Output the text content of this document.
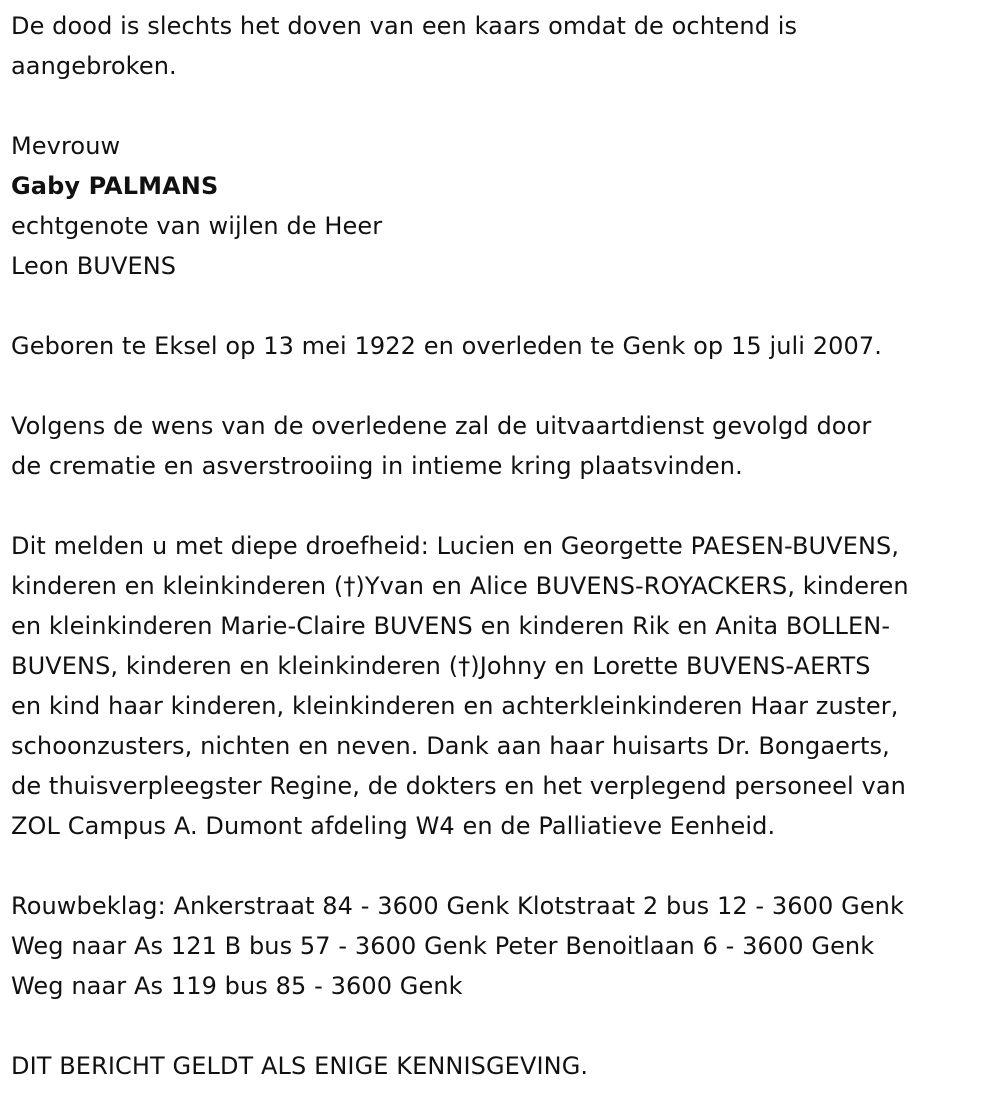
De dood is slechts het doven van een kaars omdat de ochtend is
aangebroken.
Mevrouw
Gaby PALMANS
echtgenote van wijlen de Heer
Leon BUVENS
Geboren te Eksel op 13 mei 1922 en overleden te Genk op 15 juli 2007.
Volgens de wens van de overledene zal de uitvaartdienst gevolgd door
de crematie en asverstrooiing in intieme kring plaatsvinden.
Dit melden u met diepe droefheid: Lucien en Georgette PAESEN-BUVENS,
kinderen en kleinkinderen (†)Yvan en Alice BUVENS-ROYACKERS, kinderen
en kleinkinderen Marie-Claire BUVENS en kinderen Rik en Anita BOLLEN-
BUVENS, kinderen en kleinkinderen (†)Johny en Lorette BUVENS-AERTS
en kind haar kinderen, kleinkinderen en achterkleinkinderen Haar zuster,
schoonzusters, nichten en neven. Dank aan haar huisarts Dr. Bongaerts,
de thuisverpleegster Regine, de dokters en het verplegend personeel van
ZOL Campus A. Dumont afdeling W4 en de Palliatieve Eenheid.
Rouwbeklag: Ankerstraat 84 - 3600 Genk Klotstraat 2 bus 12 - 3600 Genk
Weg naar As 121 B bus 57 - 3600 Genk Peter Benoitlaan 6 - 3600 Genk
Weg naar As 119 bus 85 - 3600 Genk
DIT BERICHT GELDT ALS ENIGE KENNISGEVING.
